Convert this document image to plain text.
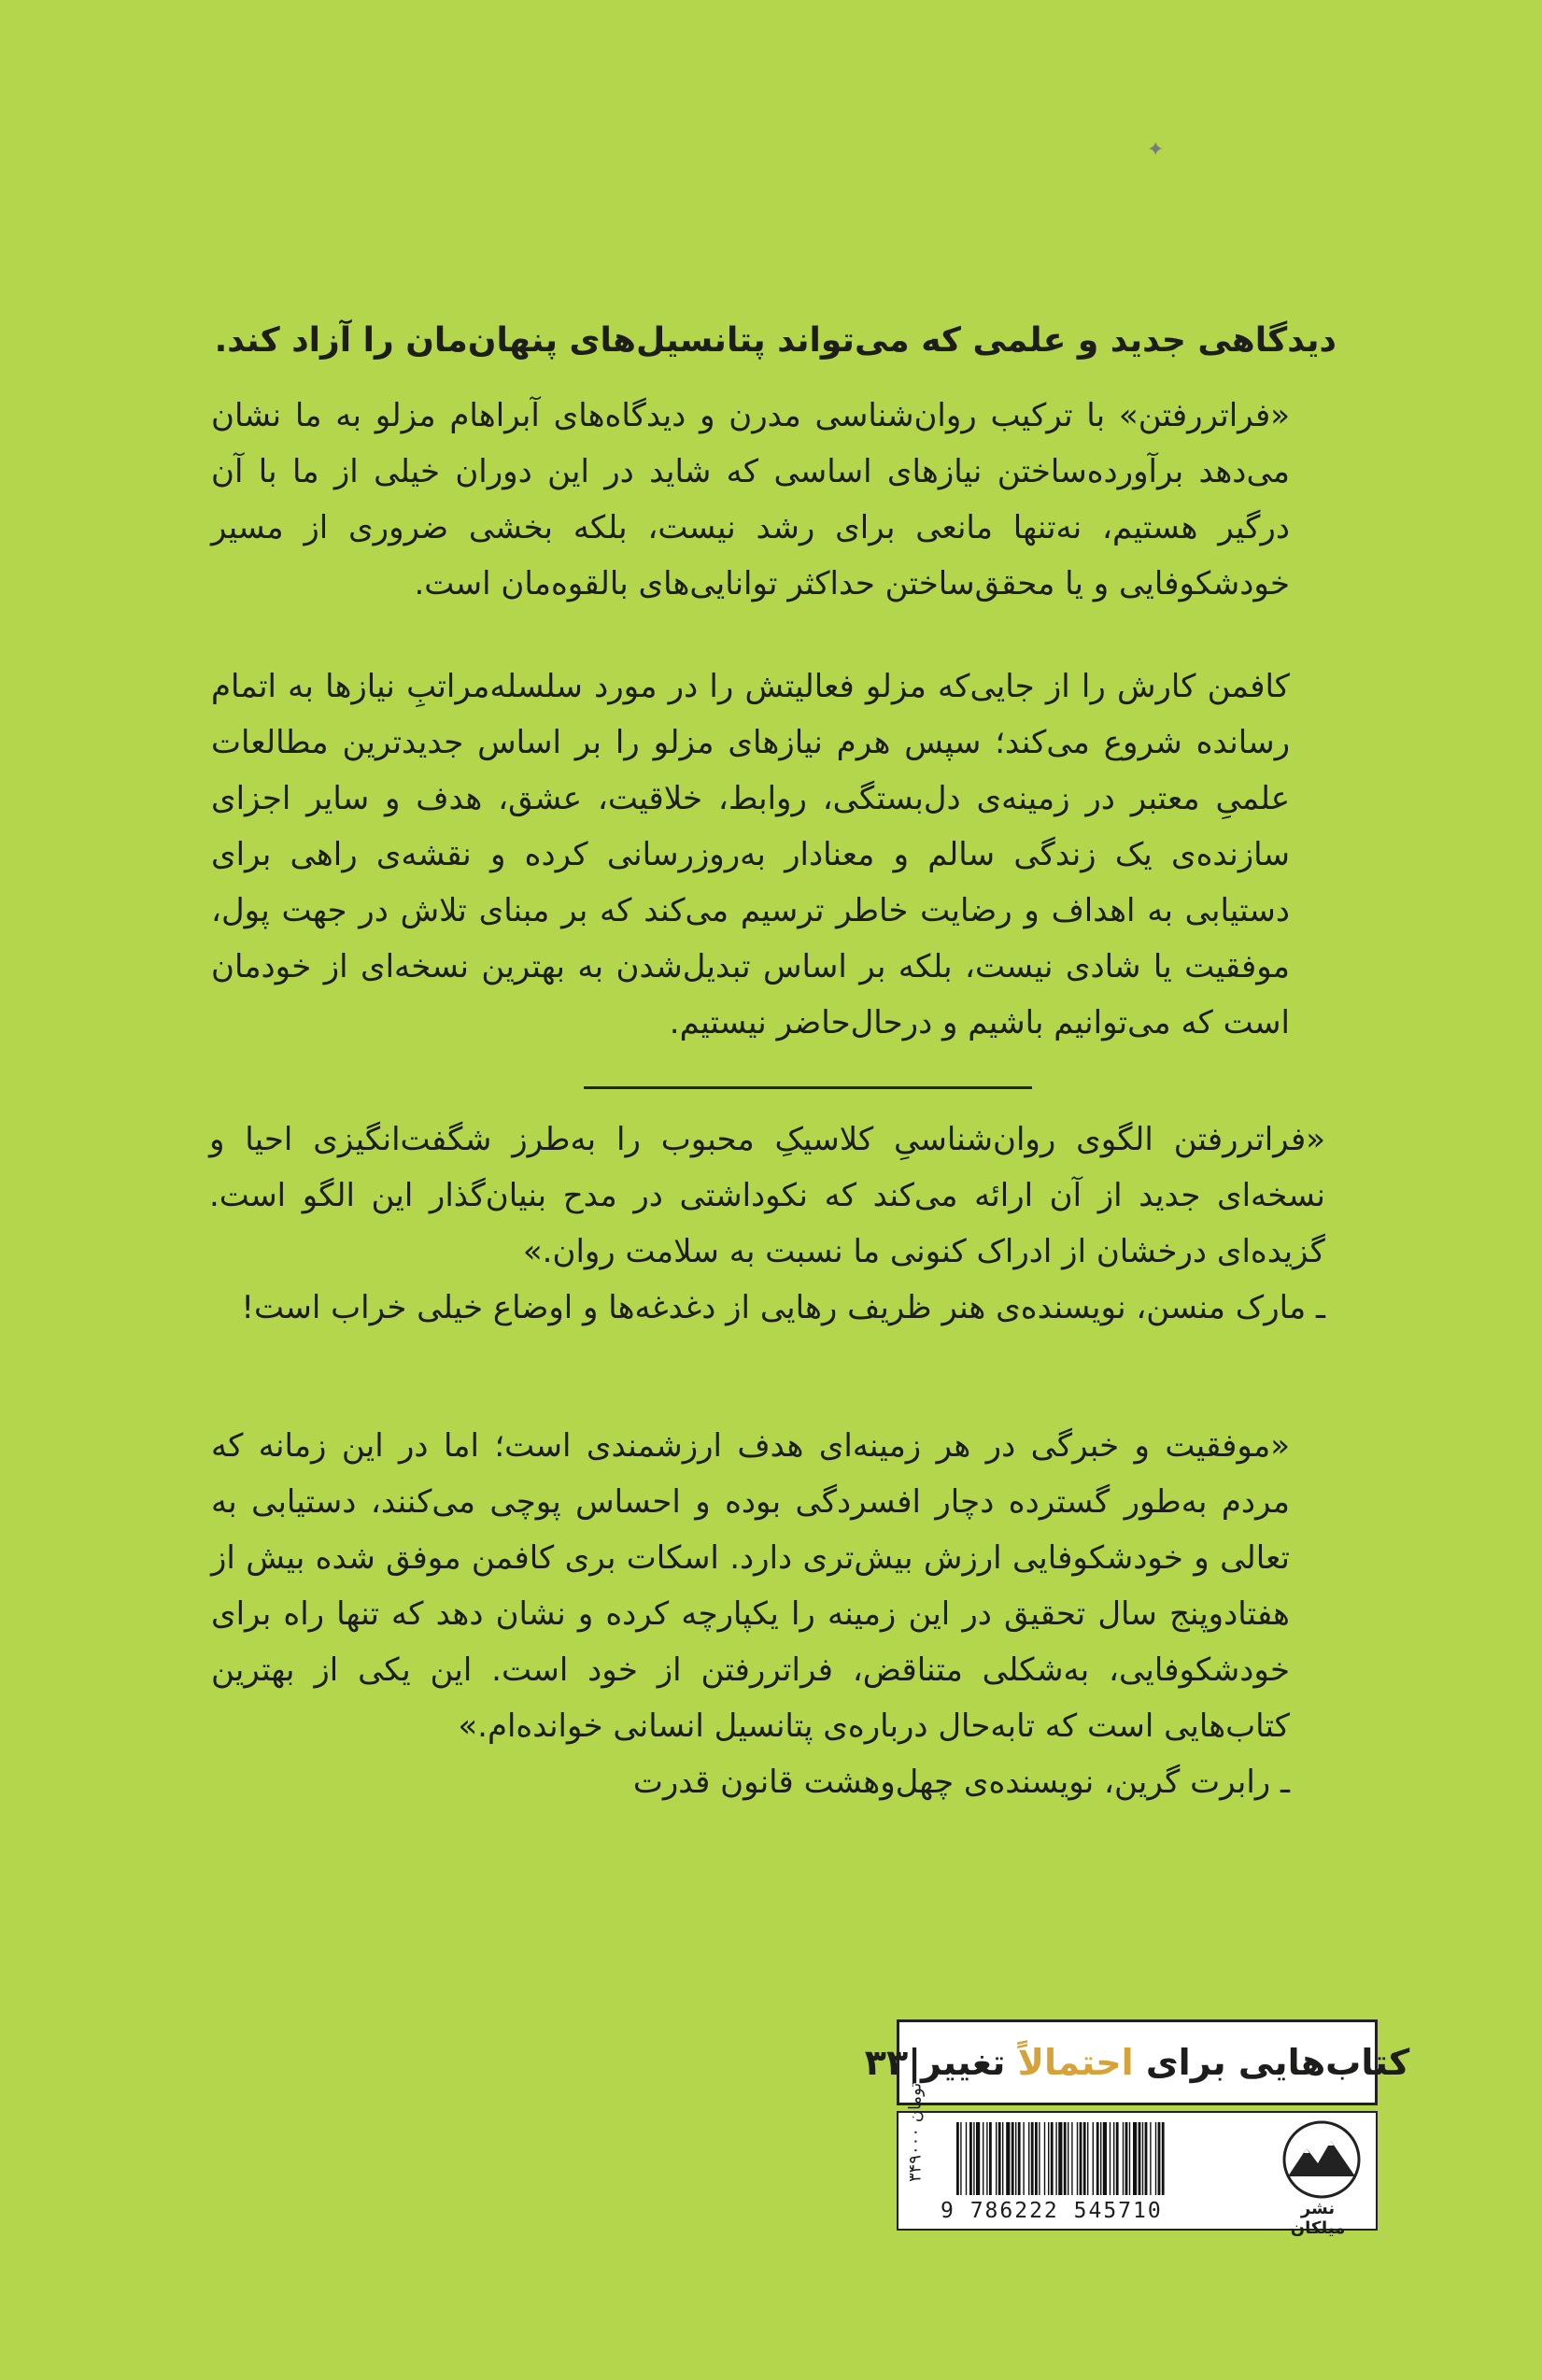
✦
دیدگاهی جدید و علمی که می‌تواند پتانسیل‌های پنهان‌مان را آزاد کند.
«فراتررفتن» با ترکیب روان‌شناسی مدرن و دیدگاه‌های آبراهام مزلو به ما نشان می‌دهد برآورده‌ساختن نیازهای اساسی که شاید در این دوران خیلی از ما با آن درگیر هستیم، نه‌تنها مانعی برای رشد نیست، بلکه بخشی ضروری از مسیر خودشکوفایی و یا محقق‌ساختن حداکثر توانایی‌های بالقوه‌مان است.
کافمن کارش را از جایی‌که مزلو فعالیتش را در مورد سلسله‌مراتبِ نیازها به اتمام رسانده شروع می‌کند؛ سپس هرم نیازهای مزلو را بر اساس جدیدترین مطالعات علمیِ معتبر در زمینه‌ی دل‌بستگی، روابط، خلاقیت، عشق، هدف و سایر اجزای سازنده‌ی یک زندگی سالم و معنادار به‌روزرسانی کرده و نقشه‌ی راهی برای دستیابی به اهداف و رضایت خاطر ترسیم می‌کند که بر مبنای تلاش در جهت پول، موفقیت یا شادی نیست، بلکه بر اساس تبدیل‌شدن به بهترین نسخه‌ای از خودمان است که می‌توانیم باشیم و درحال‌حاضر نیستیم.
«فراتررفتن الگوی روان‌شناسیِ کلاسیکِ محبوب را به‌طرز شگفت‌انگیزی احیا و نسخه‌ای جدید از آن ارائه می‌کند که نکوداشتی در مدح بنیان‌گذار این الگو است. گزیده‌ای درخشان از ادراک کنونی ما نسبت به سلامت روان.»
ـ مارک منسن، نویسنده‌ی هنر ظریف رهایی از دغدغه‌ها و اوضاع خیلی خراب است!
«موفقیت و خبرگی در هر زمینه‌ای هدف ارزشمندی است؛ اما در این زمانه که مردم به‌طور گسترده دچار افسردگی بوده و احساس پوچی می‌کنند، دستیابی به تعالی و خودشکوفایی ارزش بیش‌تری دارد. اسکات بری کافمن موفق شده بیش از هفتادوپنج سال تحقیق در این زمینه را یکپارچه کرده و نشان دهد که تنها راه برای خودشکوفایی، به‌شکلی متناقض، فراتررفتن از خود است. این یکی از بهترین کتاب‌هایی است که تابه‌حال درباره‌ی پتانسیل انسانی خوانده‌ام.»
ـ رابرت گرین، نویسنده‌ی چهل‌وهشت قانون قدرت
کتاب‌هایی برای

احتمالاً

تغییر
|
۳۳
۳۴۹۰۰۰
9 786222 545710	نشر میلکان
